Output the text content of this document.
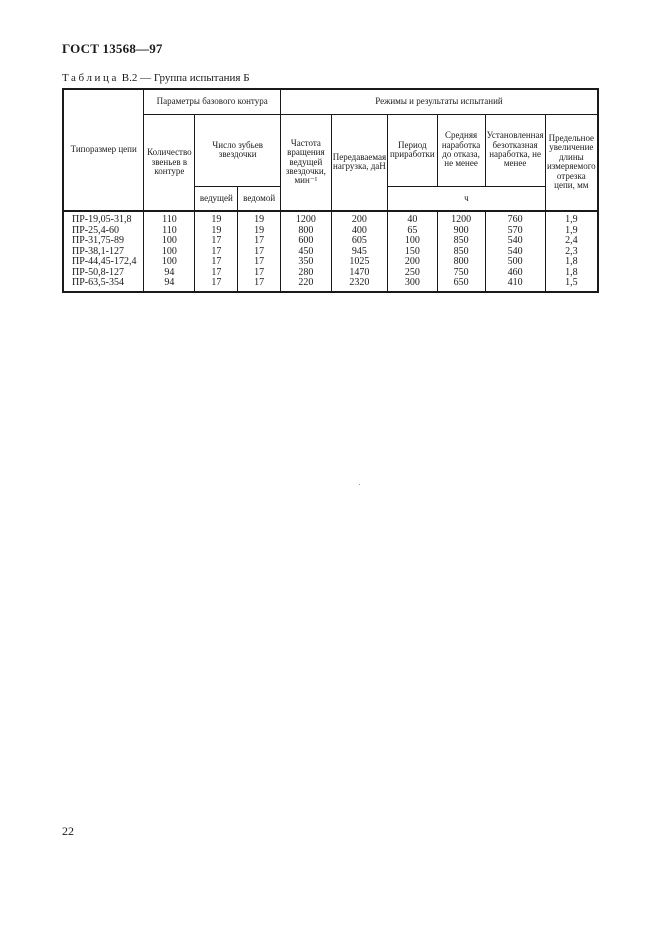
ГОСТ 13568—97
Таблица В.2 — Группа испытания Б
Типоразмер цепи	Параметры базового контура			Режимы и результаты испытаний					
	Количество звеньев в контуре	Число зубьев звездочки		Частота вращения ведущей звездочки, мин⁻¹	Передаваемая нагрузка, даН	Период приработки	Средняя наработка до отказа, не менее	Установленная безотказная наработка, не менее	Предельное увеличение длины измеряемого отрезка цепи, мм
		ведущей	ведомой			ч			
ПР-19,05-31,8	110	19	19	1200	200	40	1200	760	1,9
ПР-25,4-60	110	19	19	800	400	65	900	570	1,9
ПР-31,75-89	100	17	17	600	605	100	850	540	2,4
ПР-38,1-127	100	17	17	450	945	150	850	540	2,3
ПР-44,45-172,4	100	17	17	350	1025	200	800	500	1,8
ПР-50,8-127	94	17	17	280	1470	250	750	460	1,8
ПР-63,5-354	94	17	17	220	2320	300	650	410	1,5
22
